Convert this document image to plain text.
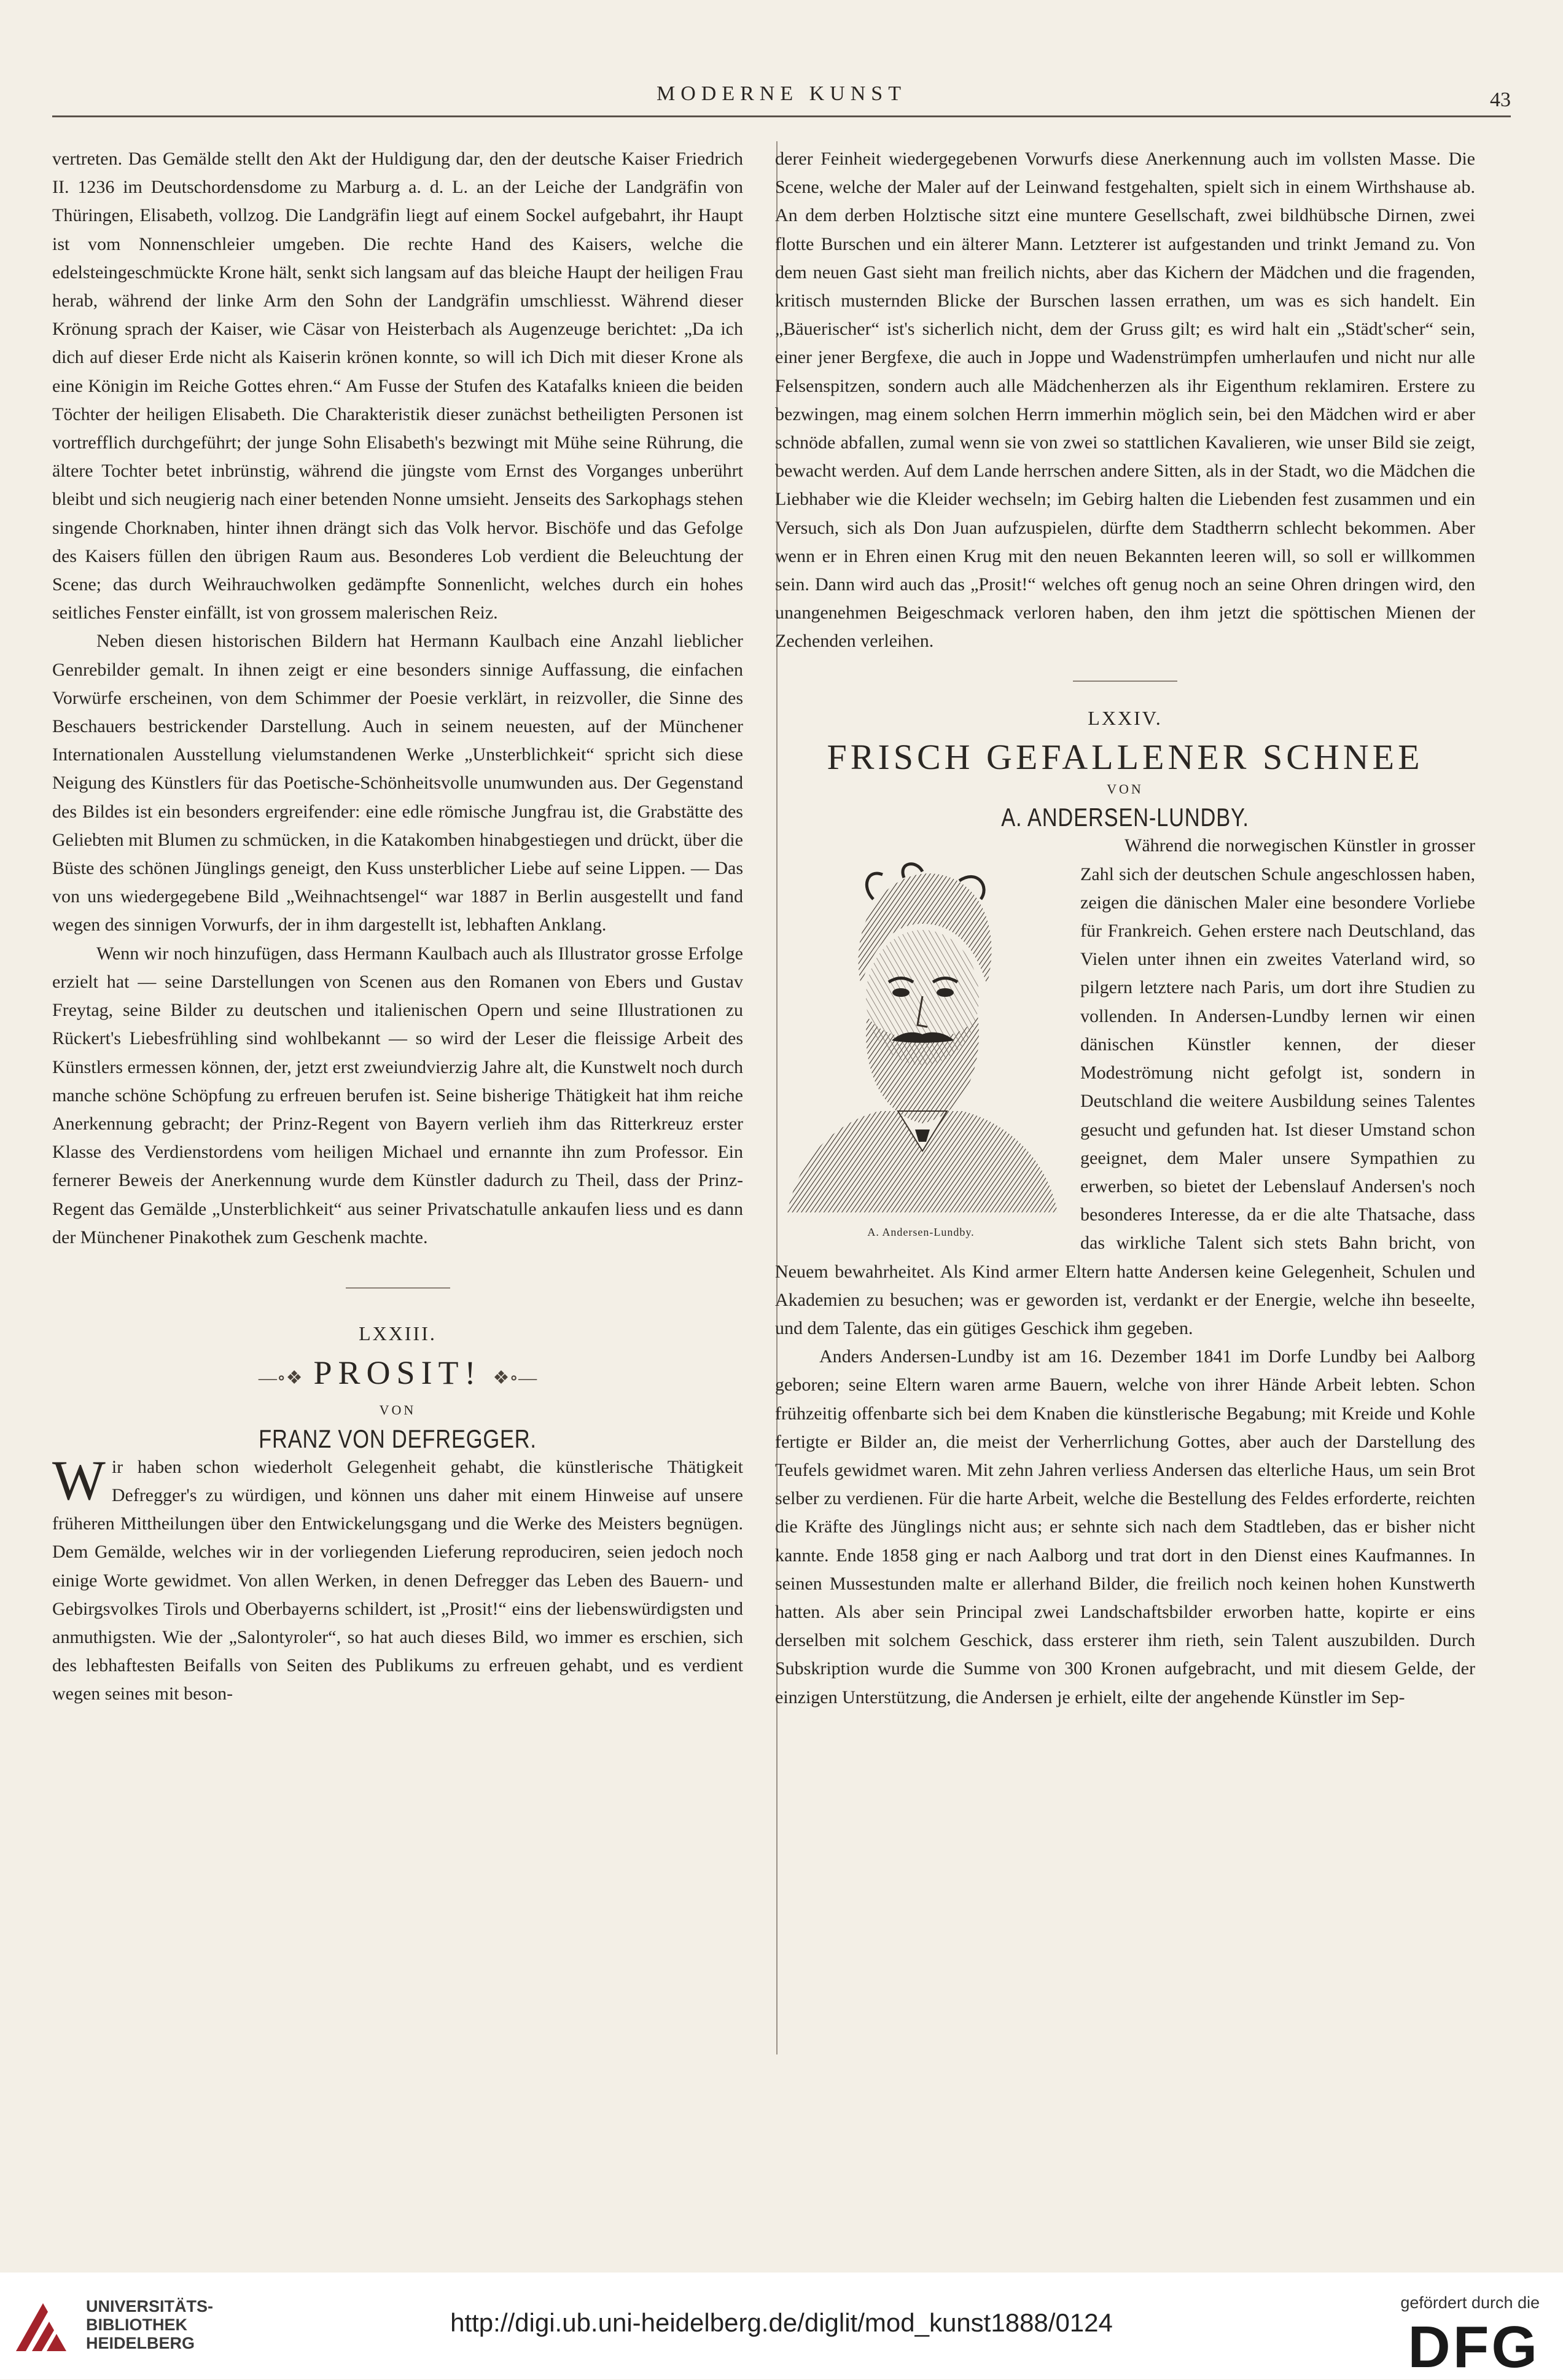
MODERNE KUNST	43

vertreten. Das Gemälde stellt den Akt der Huldigung dar, den der deutsche Kaiser Friedrich II. 1236 im Deutschordensdome zu Marburg a. d. L. an der Leiche der Landgräfin von Thüringen, Elisabeth, vollzog. Die Landgräfin liegt auf einem Sockel aufgebahrt, ihr Haupt ist vom Nonnenschleier umgeben. Die rechte Hand des Kaisers, welche die edelsteingeschmückte Krone hält, senkt sich langsam auf das bleiche Haupt der heiligen Frau herab, während der linke Arm den Sohn der Landgräfin umschliesst. Während dieser Krönung sprach der Kaiser, wie Cäsar von Heisterbach als Augenzeuge berichtet: „Da ich dich auf dieser Erde nicht als Kaiserin krönen konnte, so will ich Dich mit dieser Krone als eine Königin im Reiche Gottes ehren.“ Am Fusse der Stufen des Katafalks knieen die beiden Töchter der heiligen Elisabeth. Die Charakteristik dieser zunächst betheiligten Personen ist vortrefflich durchgeführt; der junge Sohn Elisabeth's bezwingt mit Mühe seine Rührung, die ältere Tochter betet inbrünstig, während die jüngste vom Ernst des Vorganges unberührt bleibt und sich neugierig nach einer betenden Nonne umsieht. Jenseits des Sarkophags stehen singende Chorknaben, hinter ihnen drängt sich das Volk hervor. Bischöfe und das Gefolge des Kaisers füllen den übrigen Raum aus. Besonderes Lob verdient die Beleuchtung der Scene; das durch Weihrauchwolken gedämpfte Sonnenlicht, welches durch ein hohes seitliches Fenster einfällt, ist von grossem malerischen Reiz.

Neben diesen historischen Bildern hat Hermann Kaulbach eine Anzahl lieblicher Genrebilder gemalt. In ihnen zeigt er eine besonders sinnige Auffassung, die einfachen Vorwürfe erscheinen, von dem Schimmer der Poesie verklärt, in reizvoller, die Sinne des Beschauers bestrickender Darstellung. Auch in seinem neuesten, auf der Münchener Internationalen Ausstellung vielumstandenen Werke „Unsterblichkeit“ spricht sich diese Neigung des Künstlers für das Poetische-Schönheitsvolle unumwunden aus. Der Gegenstand des Bildes ist ein besonders ergreifender: eine edle römische Jungfrau ist, die Grabstätte des Geliebten mit Blumen zu schmücken, in die Katakomben hinabgestiegen und drückt, über die Büste des schönen Jünglings geneigt, den Kuss unsterblicher Liebe auf seine Lippen. — Das von uns wiedergegebene Bild „Weihnachtsengel“ war 1887 in Berlin ausgestellt und fand wegen des sinnigen Vorwurfs, der in ihm dargestellt ist, lebhaften Anklang.

Wenn wir noch hinzufügen, dass Hermann Kaulbach auch als Illustrator grosse Erfolge erzielt hat — seine Darstellungen von Scenen aus den Romanen von Ebers und Gustav Freytag, seine Bilder zu deutschen und italienischen Opern und seine Illustrationen zu Rückert's Liebesfrühling sind wohlbekannt — so wird der Leser die fleissige Arbeit des Künstlers ermessen können, der, jetzt erst zweiundvierzig Jahre alt, die Kunstwelt noch durch manche schöne Schöpfung zu erfreuen berufen ist. Seine bisherige Thätigkeit hat ihm reiche Anerkennung gebracht; der Prinz-Regent von Bayern verlieh ihm das Ritterkreuz erster Klasse des Verdienstordens vom heiligen Michael und ernannte ihn zum Professor. Ein fernerer Beweis der Anerkennung wurde dem Künstler dadurch zu Theil, dass der Prinz-Regent das Gemälde „Unsterblichkeit“ aus seiner Privatschatulle ankaufen liess und es dann der Münchener Pinakothek zum Geschenk machte.

LXXIII.

—∘❖ PROSIT! ❖∘—

VON

FRANZ VON DEFREGGER.

Wir haben schon wiederholt Gelegenheit gehabt, die künstlerische Thätigkeit Defregger's zu würdigen, und können uns daher mit einem Hinweise auf unsere früheren Mittheilungen über den Entwickelungsgang und die Werke des Meisters begnügen. Dem Gemälde, welches wir in der vorliegenden Lieferung reproduciren, seien jedoch noch einige Worte gewidmet. Von allen Werken, in denen Defregger das Leben des Bauern- und Gebirgsvolkes Tirols und Oberbayerns schildert, ist „Prosit!“ eins der liebenswürdigsten und anmuthigsten. Wie der „Salontyroler“, so hat auch dieses Bild, wo immer es erschien, sich des lebhaftesten Beifalls von Seiten des Publikums zu erfreuen gehabt, und es verdient wegen seines mit beson-

derer Feinheit wiedergegebenen Vorwurfs diese Anerkennung auch im vollsten Masse. Die Scene, welche der Maler auf der Leinwand festgehalten, spielt sich in einem Wirthshause ab. An dem derben Holztische sitzt eine muntere Gesellschaft, zwei bildhübsche Dirnen, zwei flotte Burschen und ein älterer Mann. Letzterer ist aufgestanden und trinkt Jemand zu. Von dem neuen Gast sieht man freilich nichts, aber das Kichern der Mädchen und die fragenden, kritisch musternden Blicke der Burschen lassen errathen, um was es sich handelt. Ein „Bäuerischer“ ist's sicherlich nicht, dem der Gruss gilt; es wird halt ein „Städt'scher“ sein, einer jener Bergfexe, die auch in Joppe und Wadenstrümpfen umherlaufen und nicht nur alle Felsenspitzen, sondern auch alle Mädchenherzen als ihr Eigenthum reklamiren. Erstere zu bezwingen, mag einem solchen Herrn immerhin möglich sein, bei den Mädchen wird er aber schnöde abfallen, zumal wenn sie von zwei so stattlichen Kavalieren, wie unser Bild sie zeigt, bewacht werden. Auf dem Lande herrschen andere Sitten, als in der Stadt, wo die Mädchen die Liebhaber wie die Kleider wechseln; im Gebirg halten die Liebenden fest zusammen und ein Versuch, sich als Don Juan aufzuspielen, dürfte dem Stadtherrn schlecht bekommen. Aber wenn er in Ehren einen Krug mit den neuen Bekannten leeren will, so soll er willkommen sein. Dann wird auch das „Prosit!“ welches oft genug noch an seine Ohren dringen wird, den unangenehmen Beigeschmack verloren haben, den ihm jetzt die spöttischen Mienen der Zechenden verleihen.

LXXIV.

FRISCH GEFALLENER SCHNEE

VON

A. ANDERSEN-LUNDBY.

A. Andersen-Lundby.

Während die norwegischen Künstler in grosser Zahl sich der deutschen Schule angeschlossen haben, zeigen die dänischen Maler eine besondere Vorliebe für Frankreich. Gehen erstere nach Deutschland, das Vielen unter ihnen ein zweites Vaterland wird, so pilgern letztere nach Paris, um dort ihre Studien zu vollenden. In Andersen-Lundby lernen wir einen dänischen Künstler kennen, der dieser Modeströmung nicht gefolgt ist, sondern in Deutschland die weitere Ausbildung seines Talentes gesucht und gefunden hat. Ist dieser Umstand schon geeignet, dem Maler unsere Sympathien zu erwerben, so bietet der Lebenslauf Andersen's noch besonderes Interesse, da er die alte Thatsache, dass das wirkliche Talent sich stets Bahn bricht, von Neuem bewahrheitet. Als Kind armer Eltern hatte Andersen keine Gelegenheit, Schulen und Akademien zu besuchen; was er geworden ist, verdankt er der Energie, welche ihn beseelte, und dem Talente, das ein gütiges Geschick ihm gegeben.

Anders Andersen-Lundby ist am 16. Dezember 1841 im Dorfe Lundby bei Aalborg geboren; seine Eltern waren arme Bauern, welche von ihrer Hände Arbeit lebten. Schon frühzeitig offenbarte sich bei dem Knaben die künstlerische Begabung; mit Kreide und Kohle fertigte er Bilder an, die meist der Verherrlichung Gottes, aber auch der Darstellung des Teufels gewidmet waren. Mit zehn Jahren verliess Andersen das elterliche Haus, um sein Brot selber zu verdienen. Für die harte Arbeit, welche die Bestellung des Feldes erforderte, reichten die Kräfte des Jünglings nicht aus; er sehnte sich nach dem Stadtleben, das er bisher nicht kannte. Ende 1858 ging er nach Aalborg und trat dort in den Dienst eines Kaufmannes. In seinen Mussestunden malte er allerhand Bilder, die freilich noch keinen hohen Kunstwerth hatten. Als aber sein Principal zwei Landschaftsbilder erworben hatte, kopirte er eins derselben mit solchem Geschick, dass ersterer ihm rieth, sein Talent auszubilden. Durch Subskription wurde die Summe von 300 Kronen aufgebracht, und mit diesem Gelde, der einzigen Unterstützung, die Andersen je erhielt, eilte der angehende Künstler im Sep-

UNIVERSITÄTS-
BIBLIOTHEK
HEIDELBERG
http://digi.ub.uni-heidelberg.de/diglit/mod_kunst1888/0124
gefördert durch die
DFG
